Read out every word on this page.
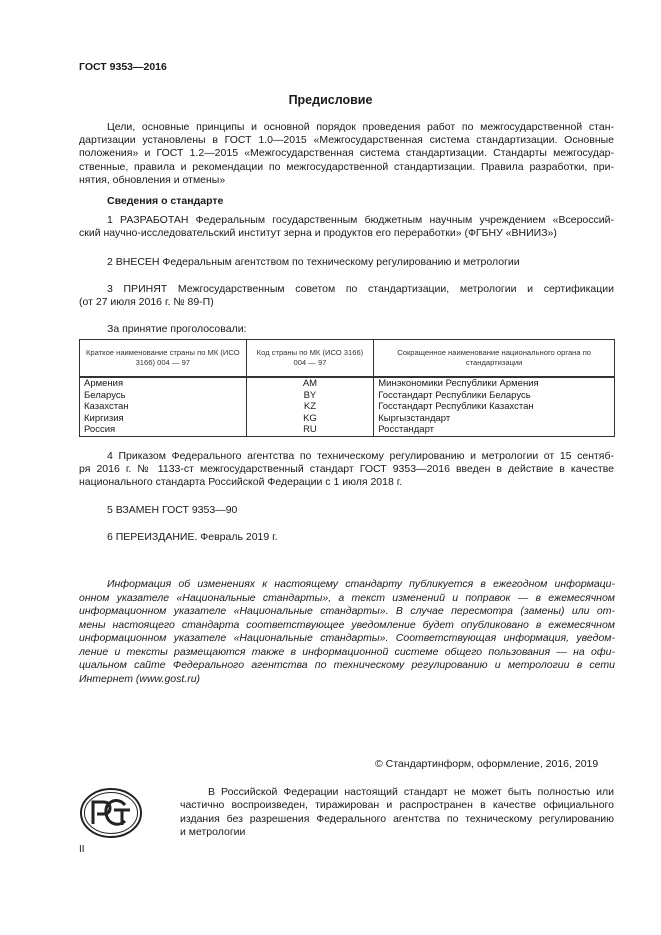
ГОСТ 9353—2016
Предисловие
Цели, основные принципы и основной порядок проведения работ по межгосударственной стан-
дартизации установлены в ГОСТ 1.0—2015 «Межгосударственная система стандартизации. Основные
положения» и ГОСТ 1.2—2015 «Межгосударственная система стандартизации. Стандарты межгосудар-
ственные, правила и рекомендации по межгосударственной стандартизации. Правила разработки, при-
нятия, обновления и отмены»
Сведения о стандарте
1 РАЗРАБОТАН Федеральным государственным бюджетным научным учреждением «Всероссий-
ский научно-исследовательский институт зерна и продуктов его переработки» (ФГБНУ «ВНИИЗ»)
2 ВНЕСЕН Федеральным агентством по техническому регулированию и метрологии
3 ПРИНЯТ Межгосударственным советом по стандартизации, метрологии и сертификации
(от 27 июля 2016 г. № 89-П)
За принятие проголосовали:
Краткое наименование страны по МК (ИСО 3166) 004 — 97	Код страны по МК (ИСО 3166) 004 — 97	Сокращенное наименование национального органа по стандартизации
Армения	AM	Минэкономики Республики Армения
Беларусь	BY	Госстандарт Республики Беларусь
Казахстан	KZ	Госстандарт Республики Казахстан
Киргизия	KG	Кыргызстандарт
Россия	RU	Росстандарт
4 Приказом Федерального агентства по техническому регулированию и метрологии от 15 сентяб-
ря 2016 г. № 1133-ст межгосударственный стандарт ГОСТ 9353—2016 введен в действие в качестве
национального стандарта Российской Федерации с 1 июля 2018 г.
5 ВЗАМЕН ГОСТ 9353—90
6 ПЕРЕИЗДАНИЕ. Февраль 2019 г.
Информация об изменениях к настоящему стандарту публикуется в ежегодном информаци-
онном указателе «Национальные стандарты», а текст изменений и поправок — в ежемесячном
информационном указателе «Национальные стандарты». В случае пересмотра (замены) или от-
мены настоящего стандарта соответствующее уведомление будет опубликовано в ежемесячном
информационном указателе «Национальные стандарты». Соответствующая информация, уведом-
ление и тексты размещаются также в информационной системе общего пользования — на офи-
циальном сайте Федерального агентства по техническому регулированию и метрологии в сети
Интернет (www.gost.ru)
© Стандартинформ, оформление, 2016, 2019
В Российской Федерации настоящий стандарт не может быть полностью или
частично воспроизведен, тиражирован и распространен в качестве официального
издания без разрешения Федерального агентства по техническому регулированию
и метрологии
II
